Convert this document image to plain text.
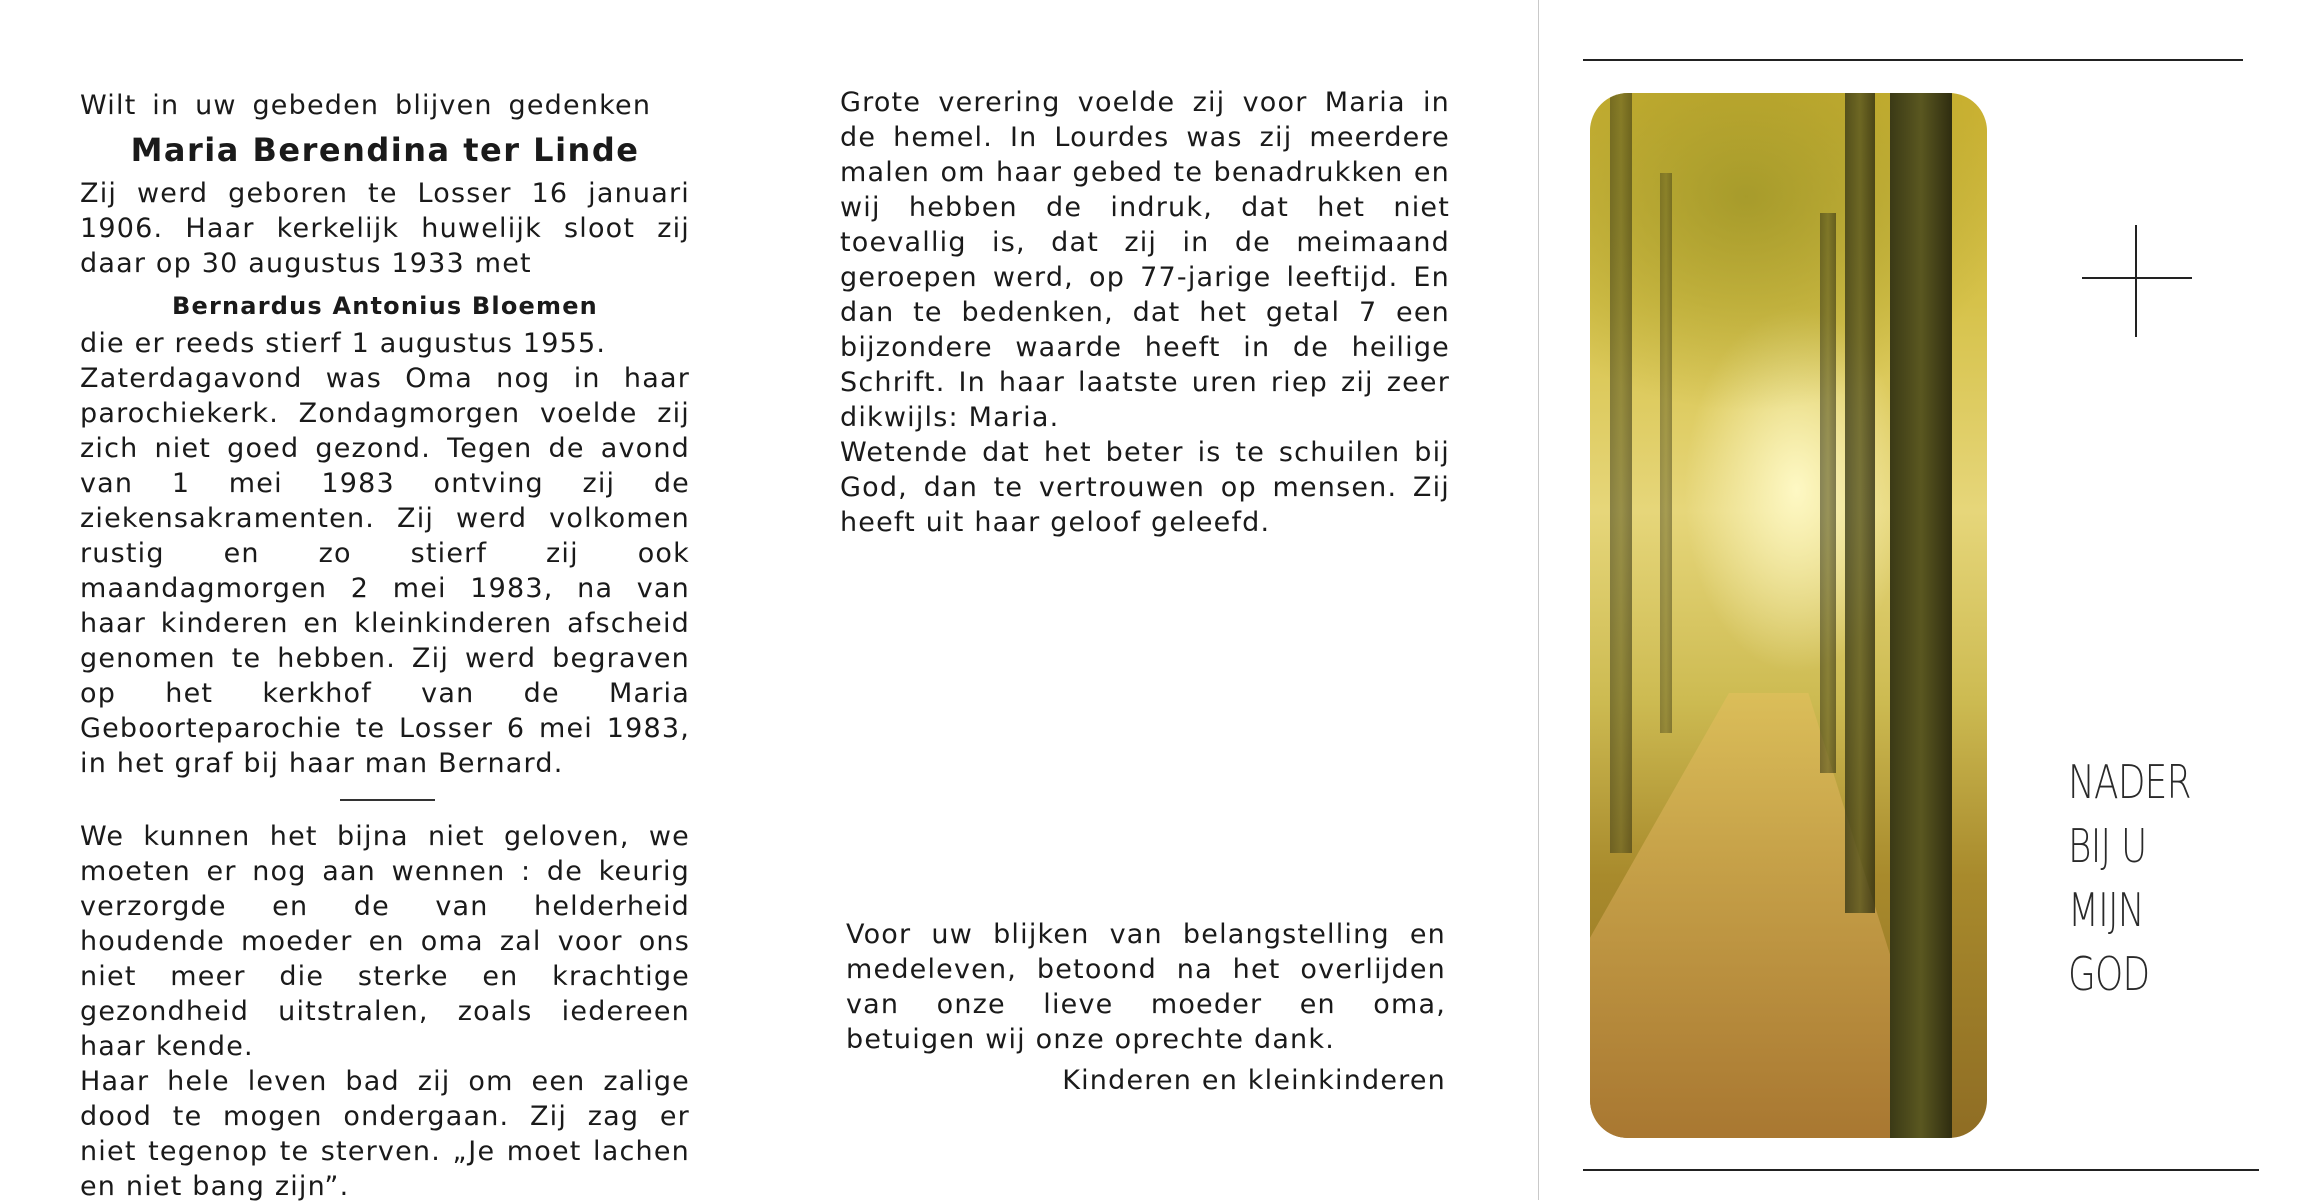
Wilt in uw gebeden blijven gedenken

Maria Berendina ter Linde

Zij werd geboren te Losser 16 januari 1906. Haar kerkelijk huwelijk sloot zij daar op 30 augustus 1933 met

Bernardus Antonius Bloemen

die er reeds stierf 1 augustus 1955.

Zaterdagavond was Oma nog in haar parochiekerk. Zondagmorgen voelde zij zich niet goed gezond. Tegen de avond van 1 mei 1983 ontving zij de ziekensakramenten. Zij werd volkomen rustig en zo stierf zij ook maandagmorgen 2 mei 1983, na van haar kinderen en kleinkinderen afscheid genomen te hebben. Zij werd begraven op het kerkhof van de Maria Geboorteparochie te Losser 6 mei 1983, in het graf bij haar man Bernard.

We kunnen het bijna niet geloven, we moeten er nog aan wennen : de keurig verzorgde en de van helderheid houdende moeder en oma zal voor ons niet meer die sterke en krachtige gezondheid uitstralen, zoals iedereen haar kende.

Haar hele leven bad zij om een zalige dood te mogen ondergaan. Zij zag er niet tegenop te sterven. „Je moet lachen en niet bang zijn”.

Grote verering voelde zij voor Maria in de hemel. In Lourdes was zij meerdere malen om haar gebed te benadrukken en wij hebben de indruk, dat het niet toevallig is, dat zij in de meimaand geroepen werd, op 77-jarige leeftijd. En dan te bedenken, dat het getal 7 een bijzondere waarde heeft in de heilige Schrift. In haar laatste uren riep zij zeer dikwijls: Maria.

Wetende dat het beter is te schuilen bij God, dan te vertrouwen op mensen. Zij heeft uit haar geloof geleefd.

Voor uw blijken van belangstelling en medeleven, betoond na het overlijden van onze lieve moeder en oma, betuigen wij onze oprechte dank.

Kinderen en kleinkinderen

NADER
BIJ U
MIJN
GOD
